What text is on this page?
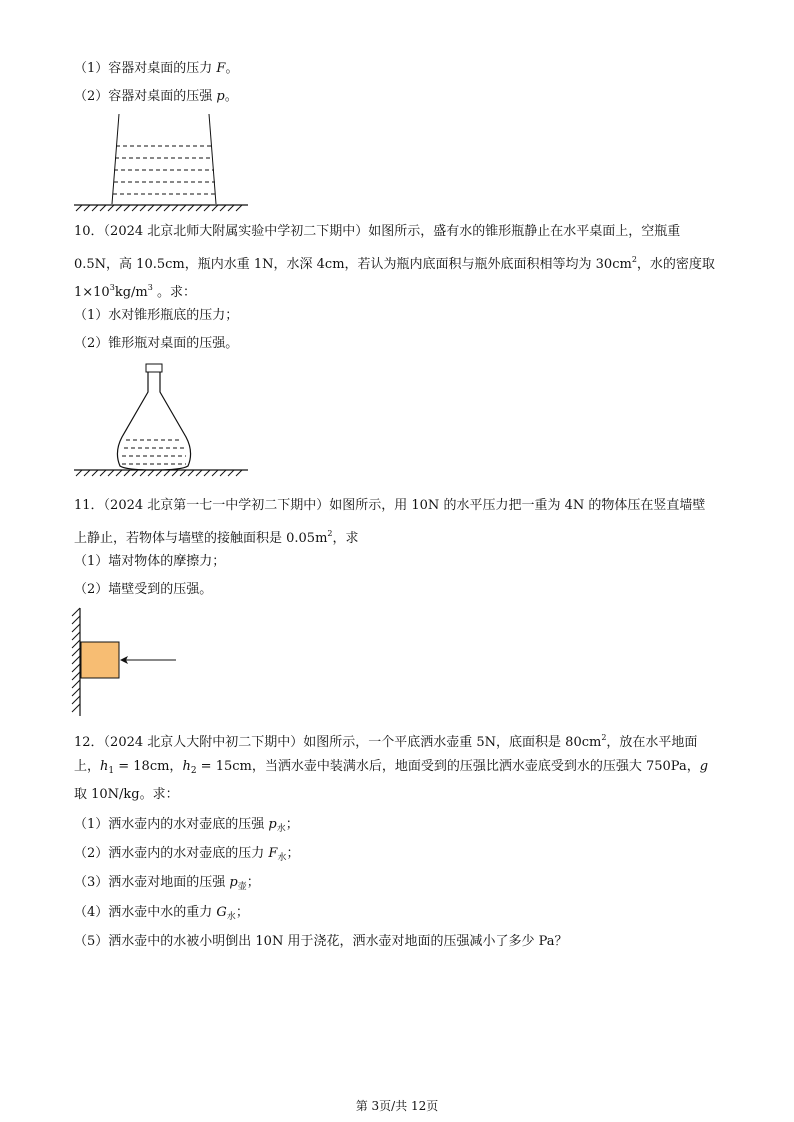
（1）容器对桌面的压力 F。
（2）容器对桌面的压强 p。
10．（2024 北京北师大附属实验中学初二下期中）如图所示，盛有水的锥形瓶静止在水平桌面上，空瓶重
0.5N，高 10.5cm，瓶内水重 1N，水深 4cm，若认为瓶内底面积与瓶外底面积相等均为 $30cm^2$，水的密度取
$1\times 10^3kg/m^3$ 。求：
（1）水对锥形瓶底的压力；
（2）锥形瓶对桌面的压强。
11．（2024 北京第一七一中学初二下期中）如图所示，用 10N 的水平压力把一重为 4N 的物体压在竖直墙壁
上静止，若物体与墙壁的接触面积是 $0.05m^2$，求
（1）墙对物体的摩擦力；
（2）墙壁受到的压强。
12．（2024 北京人大附中初二下期中）如图所示，一个平底洒水壶重 5N，底面积是 $80cm^2$，放在水平地面
上，$h_1 = 18cm$，$h_2 = 15cm$，当洒水壶中装满水后，地面受到的压强比洒水壶底受到水的压强大 750Pa，g
取 10N/kg。求：
（1）洒水壶内的水对壶底的压强 $p_水$；
（2）洒水壶内的水对壶底的压力 $F_水$；
（3）洒水壶对地面的压强 $p_壶$；
（4）洒水壶中水的重力 $G_水$；
（5）洒水壶中的水被小明倒出 10N 用于浇花，洒水壶对地面的压强减小了多少 Pa？
第 3页/共 12页
